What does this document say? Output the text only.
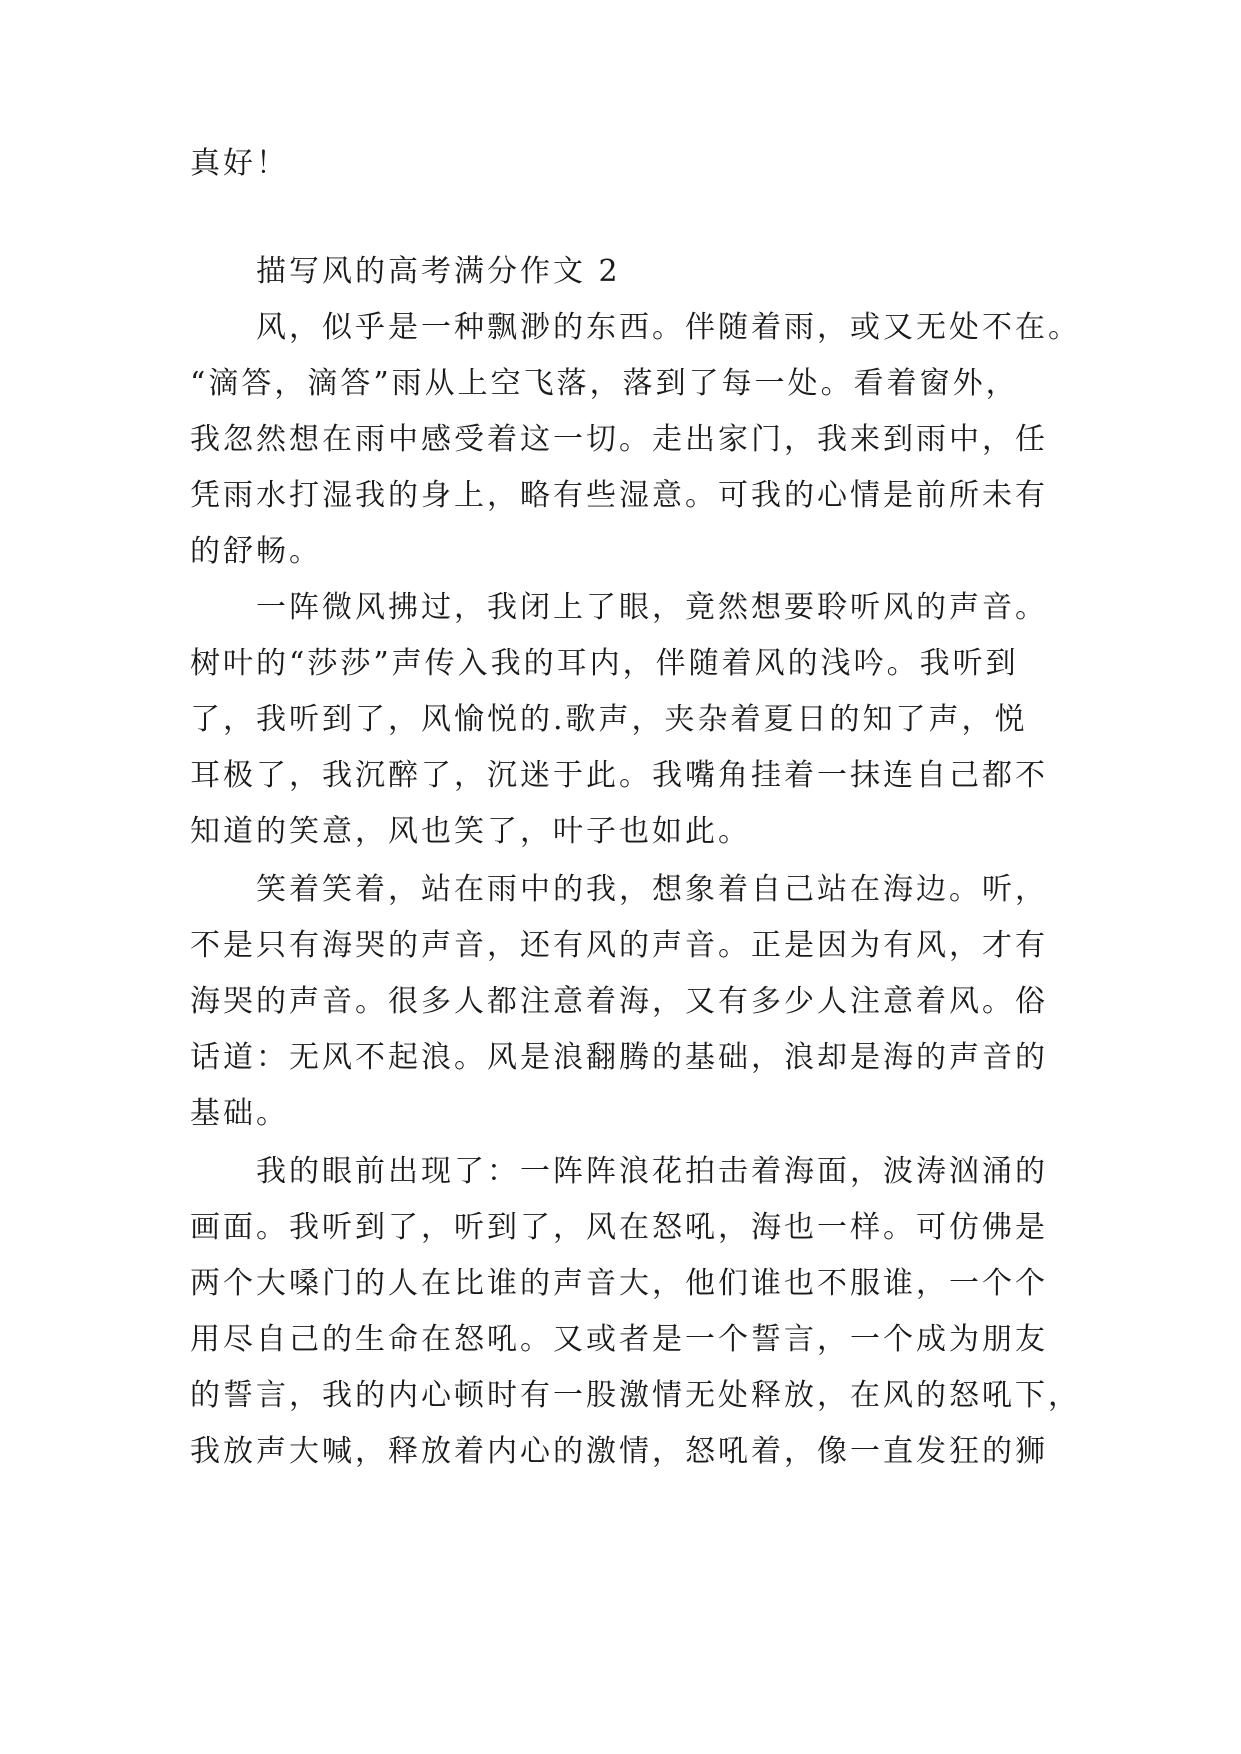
真好！
描写风的高考满分作文 2
风，似乎是一种飘渺的东西。伴随着雨，或又无处不在。
“滴答，滴答”雨从上空飞落，落到了每一处。看着窗外，
我忽然想在雨中感受着这一切。走出家门，我来到雨中，任
凭雨水打湿我的身上，略有些湿意。可我的心情是前所未有
的舒畅。
一阵微风拂过，我闭上了眼，竟然想要聆听风的声音。
树叶的“莎莎”声传入我的耳内，伴随着风的浅吟。我听到
了，我听到了，风愉悦的.歌声，夹杂着夏日的知了声，悦
耳极了，我沉醉了，沉迷于此。我嘴角挂着一抹连自己都不
知道的笑意，风也笑了，叶子也如此。
笑着笑着，站在雨中的我，想象着自己站在海边。听，
不是只有海哭的声音，还有风的声音。正是因为有风，才有
海哭的声音。很多人都注意着海，又有多少人注意着风。俗
话道：无风不起浪。风是浪翻腾的基础，浪却是海的声音的
基础。
我的眼前出现了：一阵阵浪花拍击着海面，波涛汹涌的
画面。我听到了，听到了，风在怒吼，海也一样。可仿佛是
两个大嗓门的人在比谁的声音大，他们谁也不服谁，一个个
用尽自己的生命在怒吼。又或者是一个誓言，一个成为朋友
的誓言，我的内心顿时有一股激情无处释放，在风的怒吼下，
我放声大喊，释放着内心的激情，怒吼着，像一直发狂的狮
